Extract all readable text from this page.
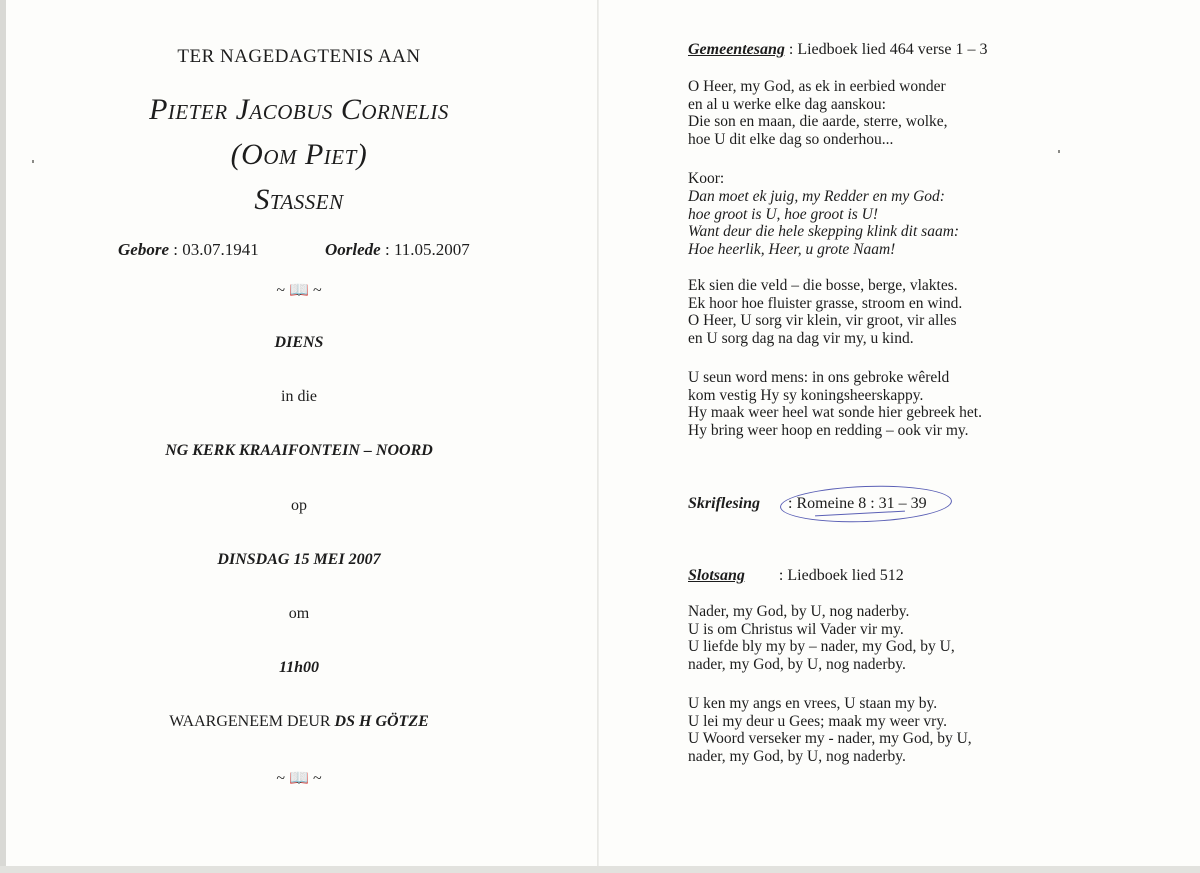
TER NAGEDAGTENIS AAN
Pieter Jacobus Cornelis
(Oom Piet)
Stassen
Gebore : 03.07.1941	Oorlede : 11.05.2007
~ 📖 ~
DIENS
in die
NG KERK KRAAIFONTEIN – NOORD
op
DINSDAG 15 MEI 2007
om
11h00
WAARGENEEM DEUR DS H GÖTZE
~ 📖 ~
Gemeentesang : Liedboek lied 464 verse 1 – 3
O Heer, my God, as ek in eerbied wonder
en al u werke elke dag aanskou:
Die son en maan, die aarde, sterre, wolke,
hoe U dit elke dag so onderhou...
Koor:
Dan moet ek juig, my Redder en my God:
hoe groot is U, hoe groot is U!
Want deur die hele skepping klink dit saam:
Hoe heerlik, Heer, u grote Naam!
Ek sien die veld – die bosse, berge, vlaktes.
Ek hoor hoe fluister grasse, stroom en wind.
O Heer, U sorg vir klein, vir groot, vir alles
en U sorg dag na dag vir my, u kind.
U seun word mens: in ons gebroke wêreld
kom vestig Hy sy koningsheerskappy.
Hy maak weer heel wat sonde hier gebreek het.
Hy bring weer hoop en redding – ook vir my.
Skriflesing : Romeine 8 : 31 – 39
Slotsang : Liedboek lied 512
Nader, my God, by U, nog naderby.
U is om Christus wil Vader vir my.
U liefde bly my by – nader, my God, by U,
nader, my God, by U, nog naderby.
U ken my angs en vrees, U staan my by.
U lei my deur u Gees; maak my weer vry.
U Woord verseker my - nader, my God, by U,
nader, my God, by U, nog naderby.
